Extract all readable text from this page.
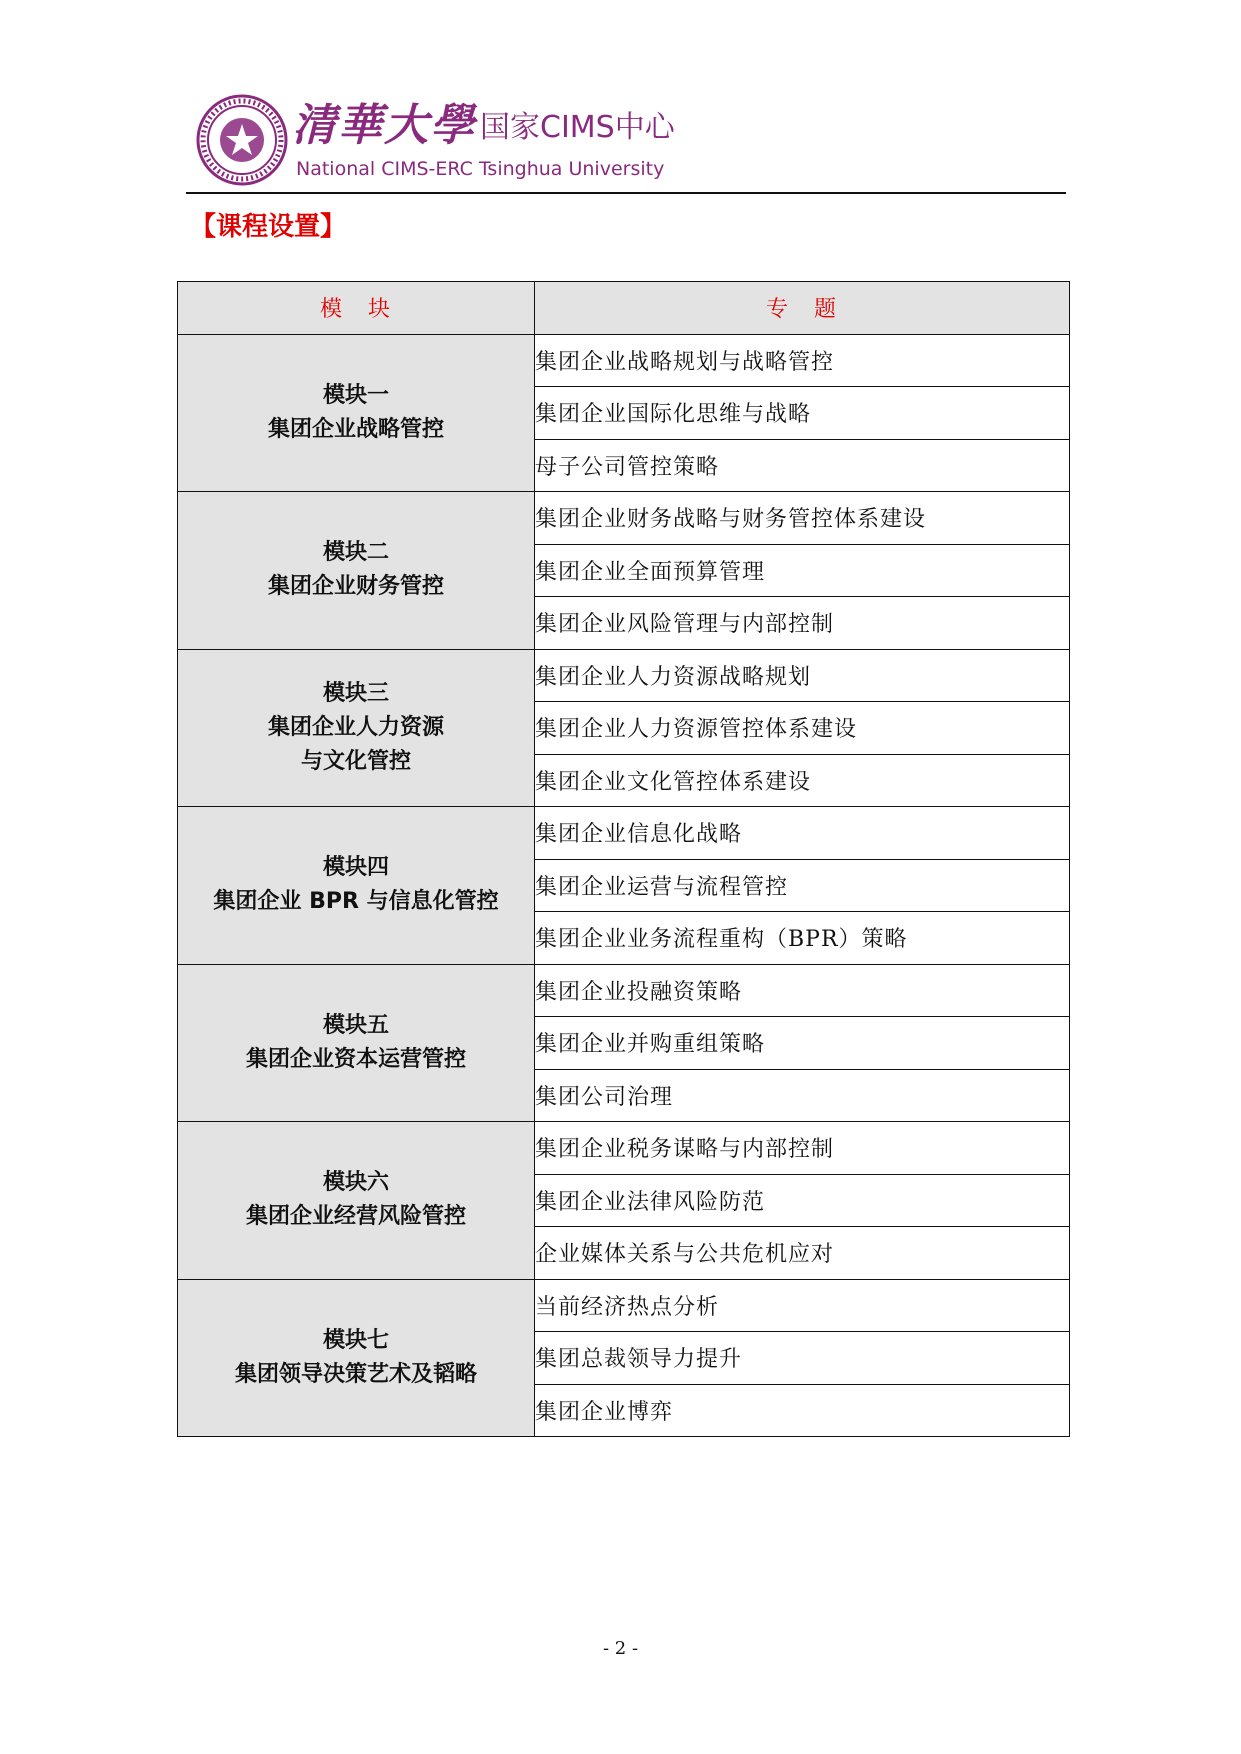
清華大學 国家CIMS中心
National CIMS-ERC Tsinghua University
【课程设置】
模　块	专　题

模块一
集团企业战略管控	集团企业战略规划与战略管控
	集团企业国际化思维与战略
	母子公司管控策略

模块二
集团企业财务管控	集团企业财务战略与财务管控体系建设
	集团企业全面预算管理
	集团企业风险管理与内部控制

模块三
集团企业人力资源
与文化管控	集团企业人力资源战略规划
	集团企业人力资源管控体系建设
	集团企业文化管控体系建设

模块四
集团企业 BPR 与信息化管控	集团企业信息化战略
	集团企业运营与流程管控
	集团企业业务流程重构（BPR）策略

模块五
集团企业资本运营管控	集团企业投融资策略
	集团企业并购重组策略
	集团公司治理

模块六
集团企业经营风险管控	集团企业税务谋略与内部控制
	集团企业法律风险防范
	企业媒体关系与公共危机应对

模块七
集团领导决策艺术及韬略	当前经济热点分析
	集团总裁领导力提升
	集团企业博弈
- 2 -
